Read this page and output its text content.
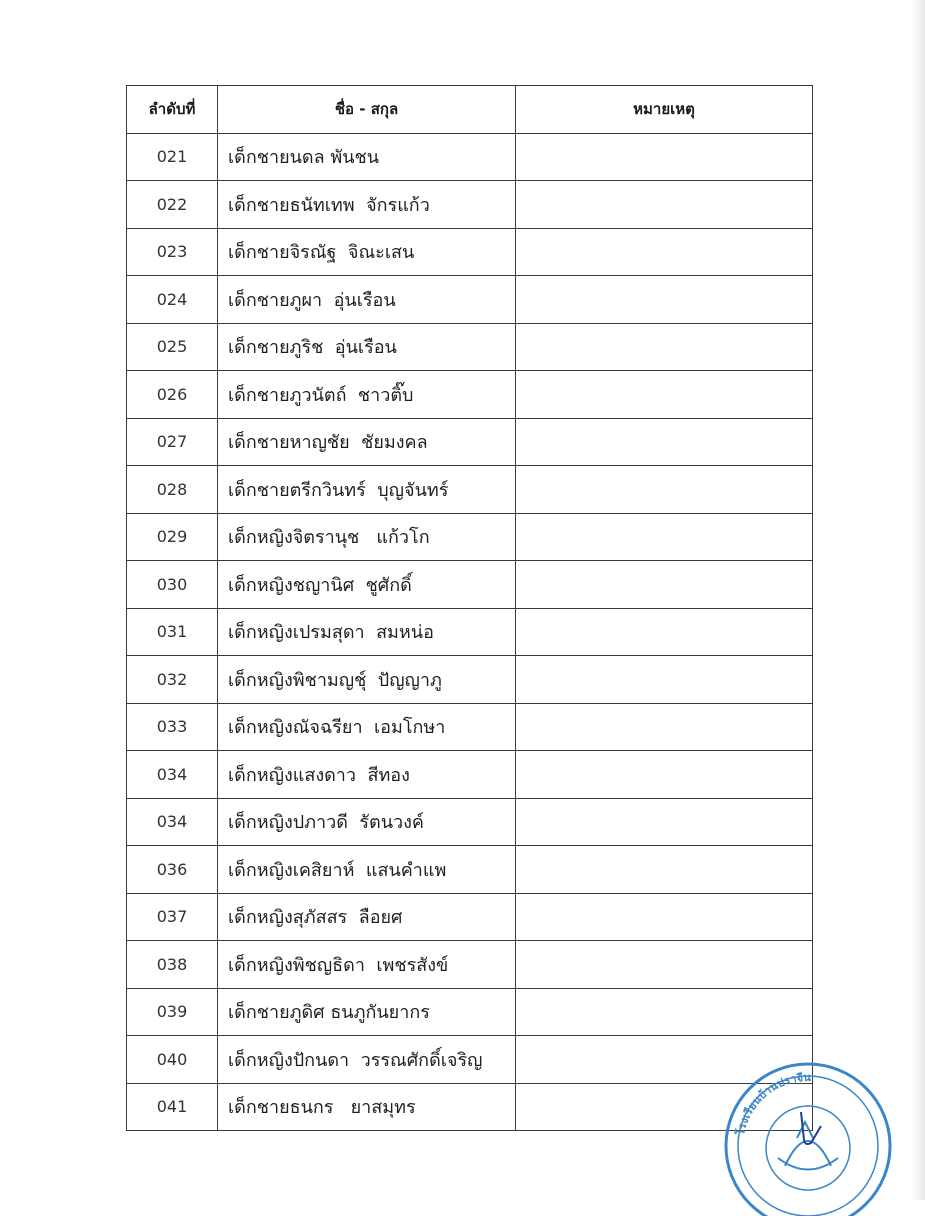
ลำดับที่	ชื่อ - สกุล	หมายเหตุ
021	เด็กชายนดล พันชน	
022	เด็กชายธนัทเทพ  จักรแก้ว	
023	เด็กชายจิรณัฐ  จิณะเสน	
024	เด็กชายภูผา  อุ่นเรือน	
025	เด็กชายภูริช  อุ่นเรือน	
026	เด็กชายภูวนัตถ์  ชาวติ๊บ	
027	เด็กชายหาญชัย  ชัยมงคล	
028	เด็กชายตรีกวินทร์  บุญจันทร์	
029	เด็กหญิงจิตรานุช   แก้วโก	
030	เด็กหญิงชญานิศ  ชูศักดิ์	
031	เด็กหญิงเปรมสุดา  สมหน่อ	
032	เด็กหญิงพิชามญชุ์  ปัญญาภู	
033	เด็กหญิงณัจฉรียา  เอมโกษา	
034	เด็กหญิงแสงดาว  สีทอง	
034	เด็กหญิงปภาวดี  รัตนวงค์	
036	เด็กหญิงเคสิยาห์  แสนคำแพ	
037	เด็กหญิงสุภัสสร  ลือยศ	
038	เด็กหญิงพิชญธิดา  เพชรสังข์	
039	เด็กชายภูดิศ ธนภูกันยากร	
040	เด็กหญิงปักนดา  วรรณศักดิ์เจริญ	
041	เด็กชายธนกร   ยาสมุทร	
โรงเรียนบ้านปราจีน
